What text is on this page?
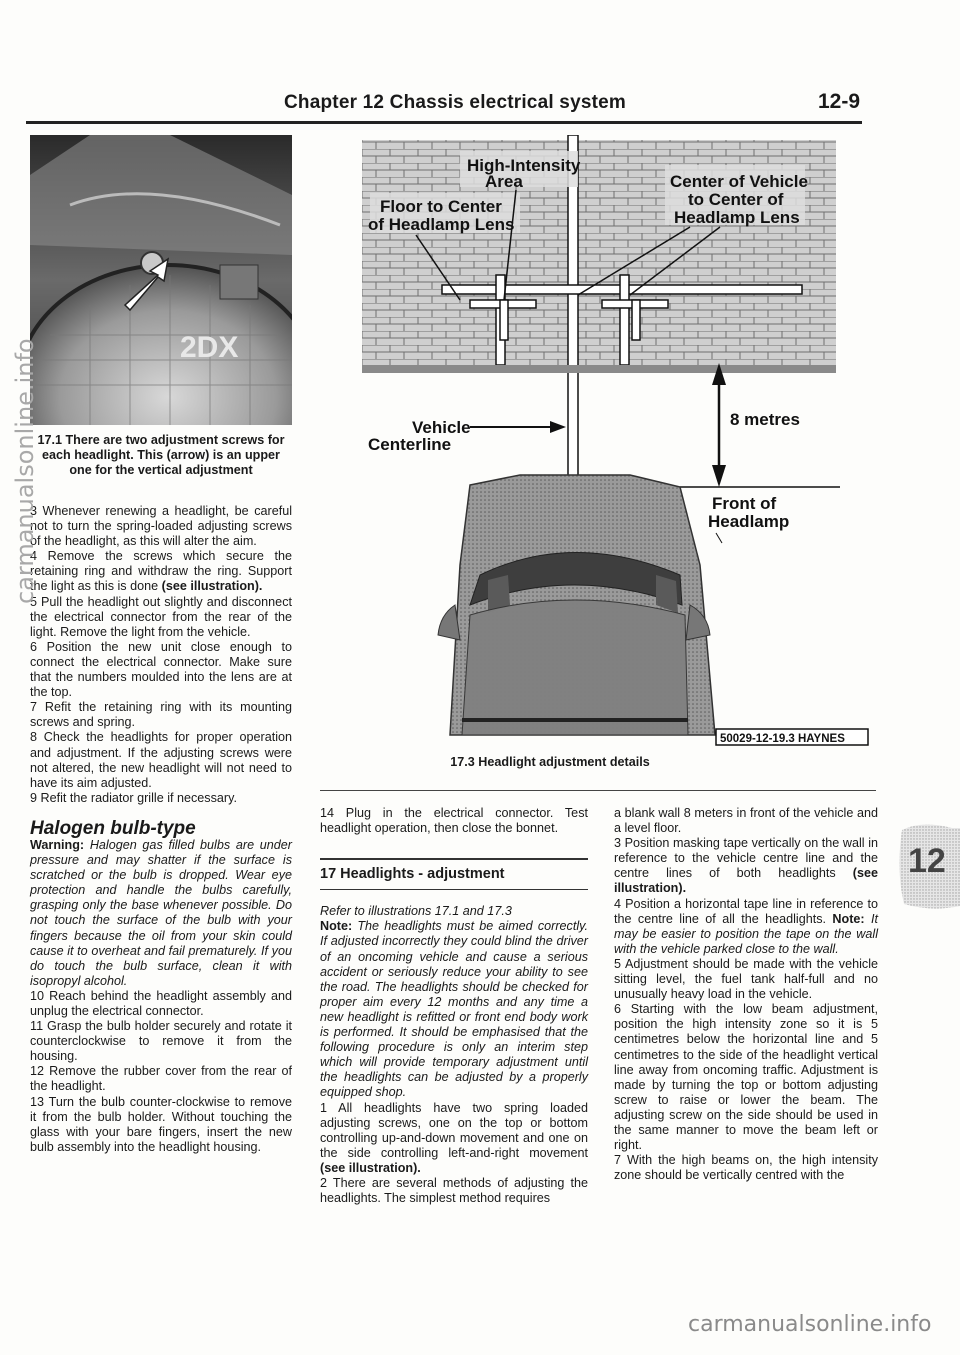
Chapter 12 Chassis electrical system	12-9
2DX
17.1 There are two adjustment screws for each headlight. This (arrow) is an upper one for the vertical adjustment

3 Whenever renewing a headlight, be careful not to turn the spring-loaded adjusting screws of the headlight, as this will alter the aim.

4 Remove the screws which secure the retaining ring and withdraw the ring. Support the light as this is done (see illustration).

5 Pull the headlight out slightly and disconnect the electrical connector from the rear of the light. Remove the light from the vehicle.

6 Position the new unit close enough to connect the electrical connector. Make sure that the numbers moulded into the lens are at the top.

7 Refit the retaining ring with its mounting screws and spring.

8 Check the headlights for proper operation and adjustment. If the adjusting screws were not altered, the new headlight will not need to have its aim adjusted.

9 Refit the radiator grille if necessary.

Halogen bulb-type

Warning: Halogen gas filled bulbs are under pressure and may shatter if the surface is scratched or the bulb is dropped. Wear eye protection and handle the bulbs carefully, grasping only the base whenever possible. Do not touch the surface of the bulb with your fingers because the oil from your skin could cause it to overheat and fail prematurely. If you do touch the bulb surface, clean it with isopropyl alcohol.

10 Reach behind the headlight assembly and unplug the electrical connector.

11 Grasp the bulb holder securely and rotate it counterclockwise to remove it from the housing.

12 Remove the rubber cover from the rear of the headlight.

13 Turn the bulb counter-clockwise to remove it from the bulb holder. Without touching the glass with your bare fingers, insert the new bulb assembly into the headlight housing.

High-Intensity
Area
Floor to Center
of Headlamp Lens
Center of Vehicle
to Center of
Headlamp Lens
Vehicle
Centerline
8 metres
Front of
Headlamp
50029-12-19.3 HAYNES
17.3 Headlight adjustment details

14 Plug in the electrical connector. Test headlight operation, then close the bonnet.

17 Headlights - adjustment

Refer to illustrations 17.1 and 17.3

Note: The headlights must be aimed correctly. If adjusted incorrectly they could blind the driver of an oncoming vehicle and cause a serious accident or seriously reduce your ability to see the road. The headlights should be checked for proper aim every 12 months and any time a new headlight is refitted or front end body work is performed. It should be emphasised that the following procedure is only an interim step which will provide temporary adjustment until the headlights can be adjusted by a properly equipped shop.

1 All headlights have two spring loaded adjusting screws, one on the top or bottom controlling up-and-down movement and one on the side controlling left-and-right movement (see illustration).

2 There are several methods of adjusting the headlights. The simplest method requires

a blank wall 8 meters in front of the vehicle and a level floor.

3 Position masking tape vertically on the wall in reference to the vehicle centre line and the centre lines of both headlights (see illustration).

4 Position a horizontal tape line in reference to the centre line of all the headlights. Note: It may be easier to position the tape on the wall with the vehicle parked close to the wall.

5 Adjustment should be made with the vehicle sitting level, the fuel tank half-full and no unusually heavy load in the vehicle.

6 Starting with the low beam adjustment, position the high intensity zone so it is 5 centimetres below the horizontal line and 5 centimetres to the side of the headlight vertical line away from oncoming traffic. Adjustment is made by turning the top or bottom adjusting screw to raise or lower the beam. The adjusting screw on the side should be used in the same manner to move the beam left or right.

7 With the high beams on, the high intensity zone should be vertically centred with the

12
carmanualsonline.info
carmanualsonline.info
